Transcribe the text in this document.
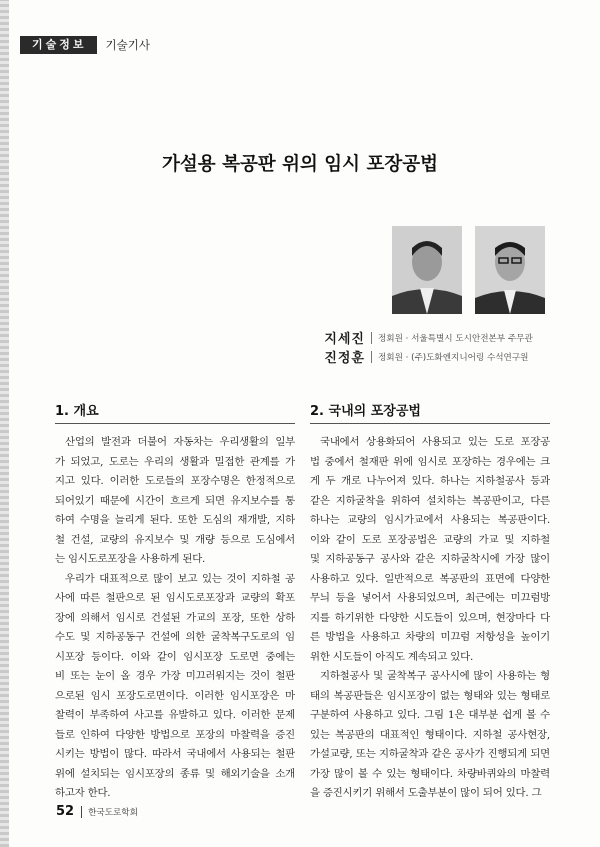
기술정보	기술기사
가설용 복공판 위의 임시 포장공법
지세진 정회원 · 서울특별시 도시안전본부 주무관
진정훈 정회원 · (주)도화엔지니어링 수석연구원
1. 개요	2. 국내의 포장공법
산업의 발전과 더불어 자동차는 우리생활의 일부
가 되었고, 도로는 우리의 생활과 밀접한 관계를 가
지고 있다. 이러한 도로들의 포장수명은 한정적으로
되어있기 때문에 시간이 흐르게 되면 유지보수를 통
하여 수명을 늘리게 된다. 또한 도심의 재개발, 지하
철 건설, 교량의 유지보수 및 개량 등으로 도심에서
는 임시도로포장을 사용하게 된다.
우리가 대표적으로 많이 보고 있는 것이 지하철 공
사에 따른 철판으로 된 임시도로포장과 교량의 확포
장에 의해서 임시로 건설된 가교의 포장, 또한 상하
수도 및 지하공동구 건설에 의한 굴착복구도로의 임
시포장 등이다. 이와 같이 임시포장 도로면 중에는
비 또는 눈이 올 경우 가장 미끄러워지는 것이 철판
으로된 임시 포장도로면이다. 이러한 임시포장은 마
찰력이 부족하여 사고를 유발하고 있다. 이러한 문제
들로 인하여 다양한 방법으로 포장의 마찰력을 증진
시키는 방법이 많다. 따라서 국내에서 사용되는 철판
위에 설치되는 임시포장의 종류 및 해외기술을 소개
하고자 한다.
국내에서 상용화되어 사용되고 있는 도로 포장공
법 중에서 철재판 위에 임시로 포장하는 경우에는 크
게 두 개로 나누어져 있다. 하나는 지하철공사 등과
같은 지하굴착을 위하여 설치하는 복공판이고, 다른
하나는 교량의 임시가교에서 사용되는 복공판이다.
이와 같이 도로 포장공법은 교량의 가교 및 지하철
및 지하공동구 공사와 같은 지하굴착시에 가장 많이
사용하고 있다. 일반적으로 복공판의 표면에 다양한
무늬 등을 넣어서 사용되었으며, 최근에는 미끄럼방
지를 하기위한 다양한 시도들이 있으며, 현장마다 다
른 방법을 사용하고 차량의 미끄럼 저항성을 높이기
위한 시도들이 아직도 계속되고 있다.
지하철공사 및 굴착복구 공사시에 많이 사용하는 형
태의 복공판들은 임시포장이 없는 형태와 있는 형태로
구분하여 사용하고 있다. 그림 1은 대부분 쉽게 볼 수
있는 복공판의 대표적인 형태이다. 지하철 공사현장,
가설교량, 또는 지하굴착과 같은 공사가 진행되게 되면
가장 많이 볼 수 있는 형태이다. 차량바퀴와의 마찰력
을 증진시키기 위해서 도출부분이 많이 되어 있다. 그
52 한국도로학회
